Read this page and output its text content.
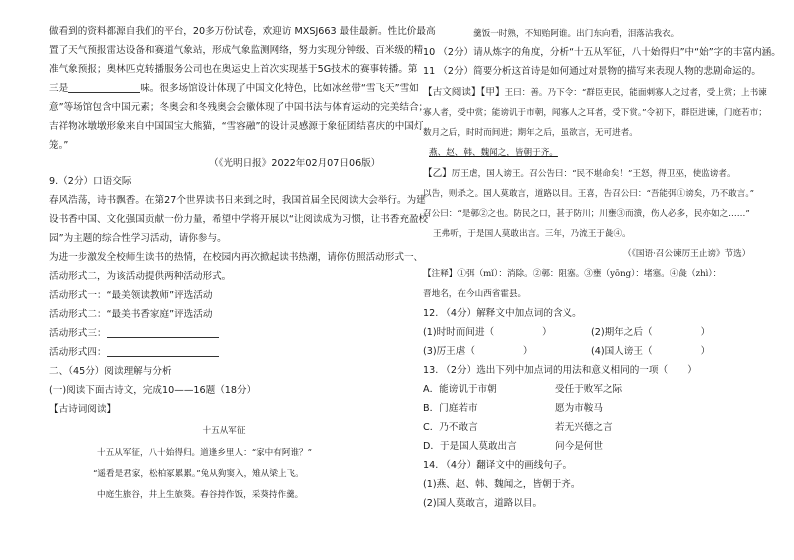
做看到的资料都源自我们的平台，20多万份试卷，欢迎访 MXSJ663 最佳最新。性比价最高
置了天气预报雷达设备和赛道气象站，形成气象监测网络，努力实现分钟级、百米级的精
准气象预报；奥林匹克转播服务公司也在奥运史上首次实现基于5G技术的赛事转播。第
三是	味。很多场馆设计体现了中国文化特色，比如冰丝带“雪飞天”雪如
意”等场馆包含中国元素；冬奥会和冬残奥会会徽体现了中国书法与体育运动的完美结合；
吉祥物冰墩墩形象来自中国国宝大熊猫，“雪容融”的设计灵感源于象征团结喜庆的中国灯
笼。”
（《光明日报》2022年02月07日06版）
9.（2分）口语交际
春风浩荡，诗书飘香。在第27个世界读书日来到之时，我国首届全民阅读大会举行。为建
设书香中国、文化强国贡献一份力量，希望中学将开展以“让阅读成为习惯，让书香充盈校
园”为主题的综合性学习活动，请你参与。
为进一步激发全校师生读书的热情，在校园内再次掀起读书热潮，请你仿照活动形式一、
活动形式二，为该活动提供两种活动形式。
活动形式一：“最美领读教师”评选活动
活动形式二：“最美书香家庭”评选活动
活动形式三：
活动形式四：
二、（45分）阅读理解与分析
(一)阅读下面古诗文，完成10——16题（18分）
【古诗词阅读】
十五从军征
十五从军征，八十始得归。道逢乡里人：“家中有阿谁？”
“遥看是君家，松柏冢累累。”兔从狗窦入，雉从梁上飞。
中庭生旅谷，井上生旅葵。舂谷持作饭，采葵持作羹。
羹饭一时熟，不知贻阿谁。出门东向看，泪落沾我衣。
10 （2分）请从炼字的角度，分析“十五从军征，八十始得归”中“始”字的丰富内涵。
11 （2分）简要分析这首诗是如何通过对景物的描写来表现人物的悲剧命运的。
【古文阅读】【甲】王曰：善。乃下令：“群臣吏民，能面刺寡人之过者，受上赏；上书谏
寡人者，受中赏；能谤讥于市朝，闻寡人之耳者，受下赏。”令初下，群臣进谏，门庭若市；
数月之后，时时而间进；期年之后，虽欲言，无可进者。
燕、赵、韩、魏闻之，皆朝于齐。
【乙】厉王虐，国人谤王。召公告曰：“民不堪命矣！”王怒，得卫巫，使监谤者。
以告，则杀之。国人莫敢言，道路以目。王喜，告召公曰：“吾能弭①谤矣，乃不敢言。”
召公曰：“是鄣②之也。防民之口，甚于防川；川壅③而溃，伤人必多，民亦如之……”
王弗听，于是国人莫敢出言。三年，乃流王于彘④。
（《国语·召公谏厉王止谤》节选）
【注释】①弭（mǐ）：消除。②鄣：阻塞。③壅（yōng）：堵塞。④彘（zhì）：
晋地名，在今山西省霍县。
12. （4分）解释文中加点词的含义。
(1)时时而间进（	）	(2)期年之后（	）
(3)厉王虐（	）	(4)国人谤王（	）
13. （2分）选出下列中加点词的用法和意义相同的一项（　　）
A．能谤讥于市朝	受任于败军之际
B．门庭若市	愿为市鞍马
C．乃不敢言	若无兴德之言
D．于是国人莫敢出言	问今是何世
14. （4分）翻译文中的画线句子。
(1)燕、赵、韩、魏闻之，皆朝于齐。
(2)国人莫敢言，道路以目。
